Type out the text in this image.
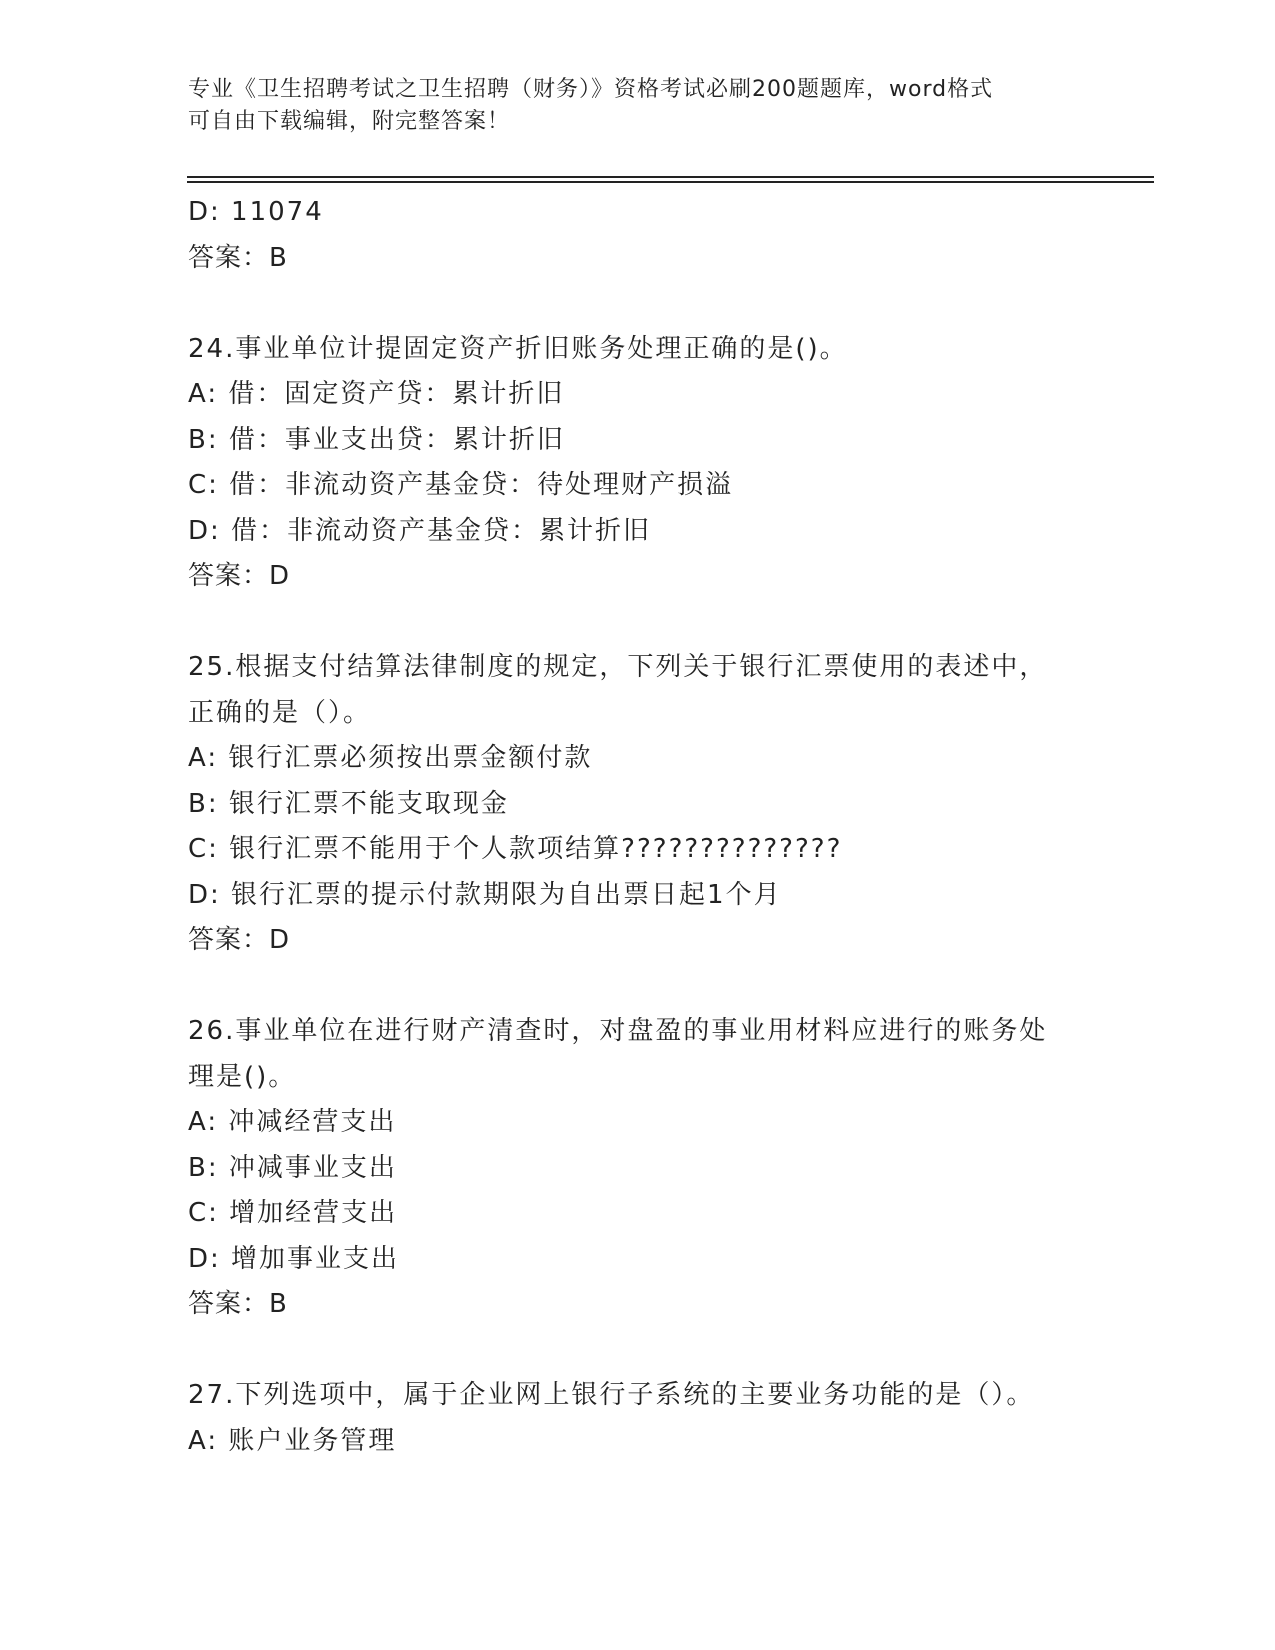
专业《卫生招聘考试之卫生招聘（财务）》资格考试必刷200题题库，word格式
可自由下载编辑，附完整答案！
D: 11074
答案：B
24.事业单位计提固定资产折旧账务处理正确的是()。
A: 借：固定资产贷：累计折旧
B: 借：事业支出贷：累计折旧
C: 借：非流动资产基金贷：待处理财产损溢
D: 借：非流动资产基金贷：累计折旧
答案：D
25.根据支付结算法律制度的规定，下列关于银行汇票使用的表述中，
正确的是（）。
A: 银行汇票必须按出票金额付款
B: 银行汇票不能支取现金
C: 银行汇票不能用于个人款项结算??????????????
D: 银行汇票的提示付款期限为自出票日起1个月
答案：D
26.事业单位在进行财产清查时，对盘盈的事业用材料应进行的账务处
理是()。
A: 冲减经营支出
B: 冲减事业支出
C: 增加经营支出
D: 增加事业支出
答案：B
27.下列选项中，属于企业网上银行子系统的主要业务功能的是（）。
A: 账户业务管理
